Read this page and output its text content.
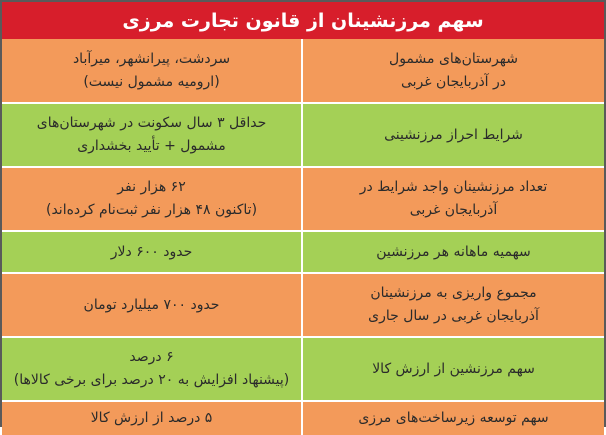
سهم مرزنشینان از قانون تجارت مرزی
شهرستان‌های مشمول
در آذربایجان غربی
سردشت، پیرانشهر، میرآباد
(ارومیه مشمول نیست)
شرایط احراز مرزنشینی
حداقل ۳ سال سکونت در شهرستان‌های
مشمول + تأیید بخشداری
تعداد مرزنشینان واجد شرایط در
آذربایجان غربی
۶۲ هزار نفر
(تاکنون ۴۸ هزار نفر ثبت‌نام کرده‌اند)
سهمیه ماهانه هر مرزنشین
حدود ۶۰۰ دلار
مجموع واریزی به مرزنشینان
آذربایجان غربی در سال جاری
حدود ۷۰۰ میلیارد تومان
سهم مرزنشین از ارزش کالا
۶ درصد
(پیشنهاد افزایش به ۲۰ درصد برای برخی کالاها)
سهم توسعه زیرساخت‌های مرزی
۵ درصد از ارزش کالا
